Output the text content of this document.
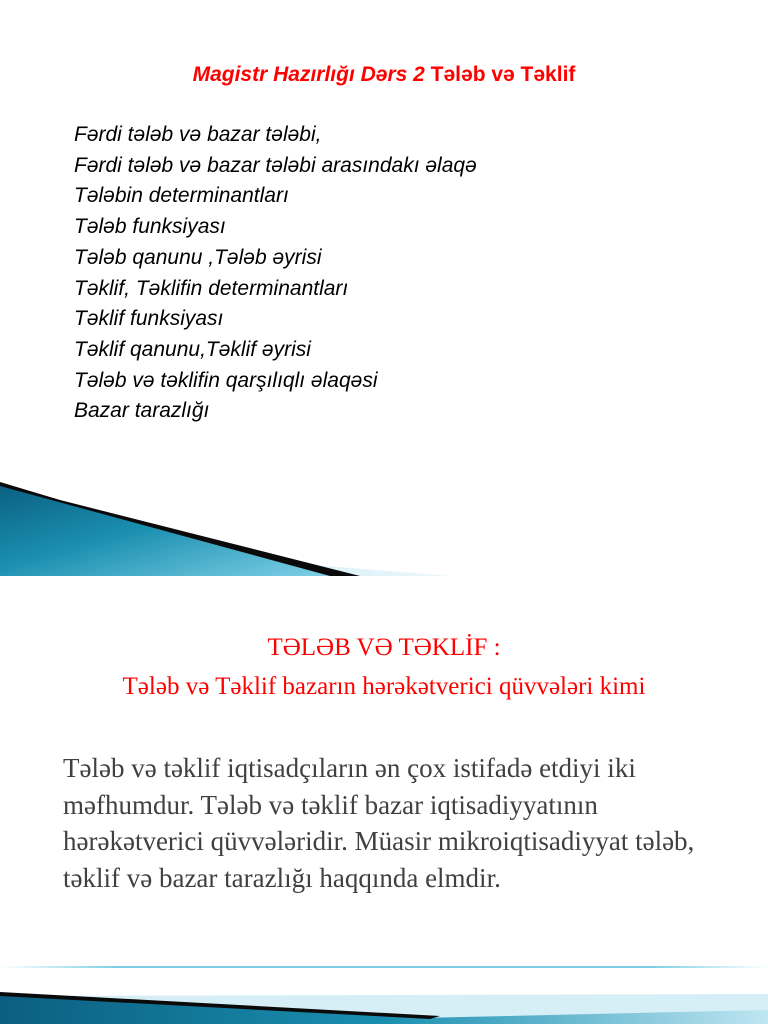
Magistr Hazırlığı Dərs 2 Tələb və Təklif
Fərdi tələb və bazar tələbi,
Fərdi tələb və bazar tələbi arasındakı əlaqə
Tələbin determinantları
Tələb funksiyası
Tələb qanunu ,Tələb əyrisi
Təklif, Təklifin determinantları
Təklif funksiyası
Təklif qanunu,Təklif əyrisi
Tələb və təklifin qarşılıqlı əlaqəsi
Bazar tarazlığı
TƏLƏB VƏ TƏKLİF :
Tələb və Təklif bazarın hərəkətverici qüvvələri kimi

Tələb və təklif iqtisadçıların ən çox istifadə etdiyi iki məfhumdur. Tələb və təklif bazar iqtisadiyyatının hərəkətverici qüvvələridir. Müasir mikroiqtisadiyyat tələb, təklif və bazar tarazlığı haqqında elmdir.
